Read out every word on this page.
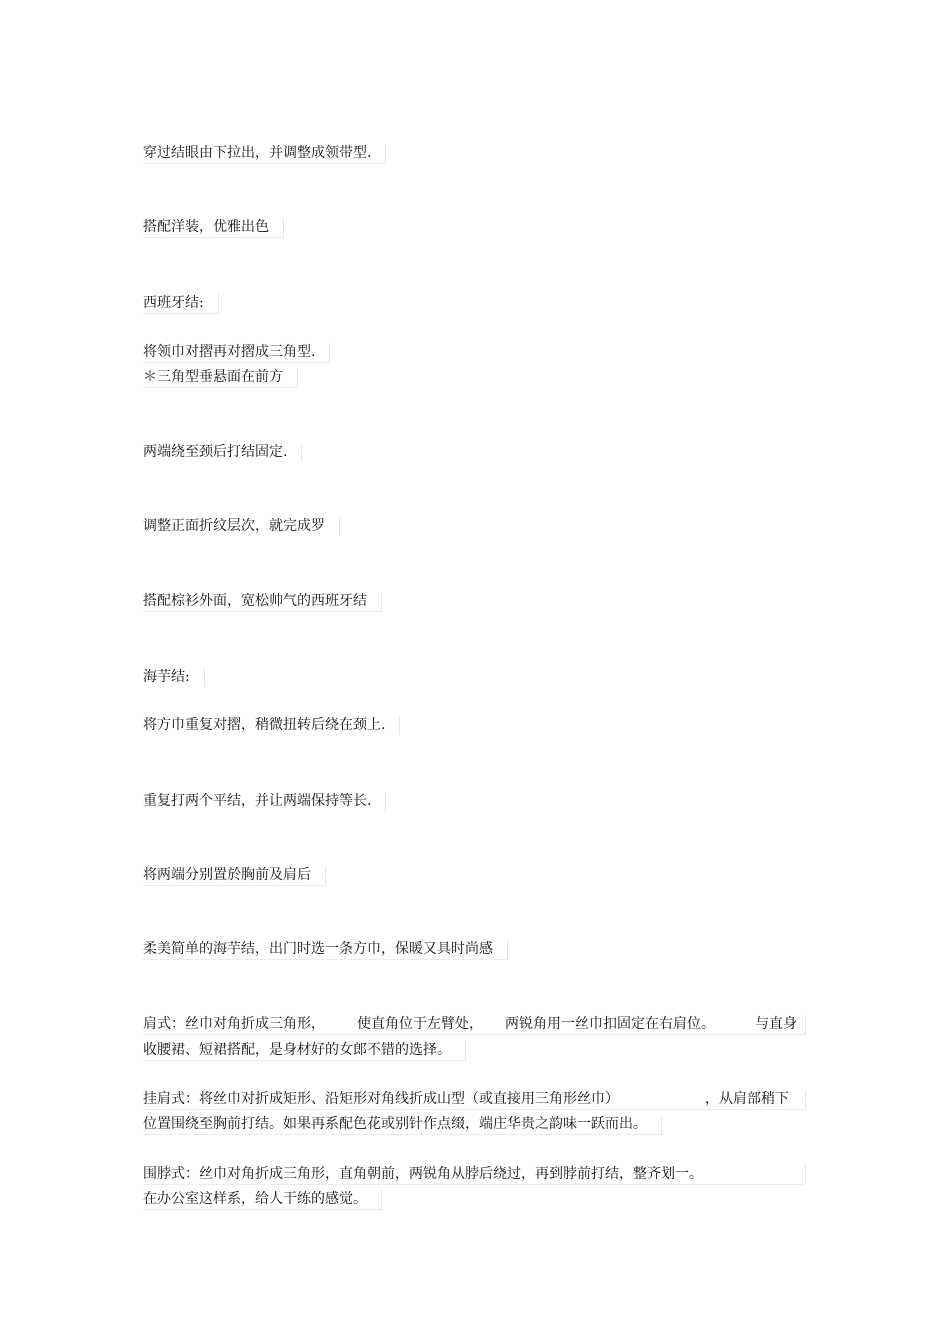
穿过结眼由下拉出，并调整成领带型.
搭配洋装，优雅出色
西班牙结:
将领巾对摺再对摺成三角型.
＊三角型垂悬面在前方
两端绕至颈后打结固定.
调整正面折纹层次，就完成罗
搭配棕衫外面，宽松帅气的西班牙结
海芋结:
将方巾重复对摺，稍微扭转后绕在颈上.
重复打两个平结，并让两端保持等长.
将两端分别置於胸前及肩后
柔美简单的海芋结，出门时选一条方巾，保暖又具时尚感
肩式：丝巾对角折成三角形， 使直角位于左臂处， 两锐角用一丝巾扣固定在右肩位。	与直身
收腰裙、短裙搭配，是身材好的女郎不错的选择。
挂肩式：将丝巾对折成矩形、沿矩形对角线折成山型（或直接用三角形丝巾）	，从肩部稍下
位置围绕至胸前打结。如果再系配色花或别针作点缀，端庄华贵之韵味一跃而出。
围脖式：丝巾对角折成三角形，直角朝前，两锐角从脖后绕过，再到脖前打结，整齐划一。
在办公室这样系，给人干练的感觉。
